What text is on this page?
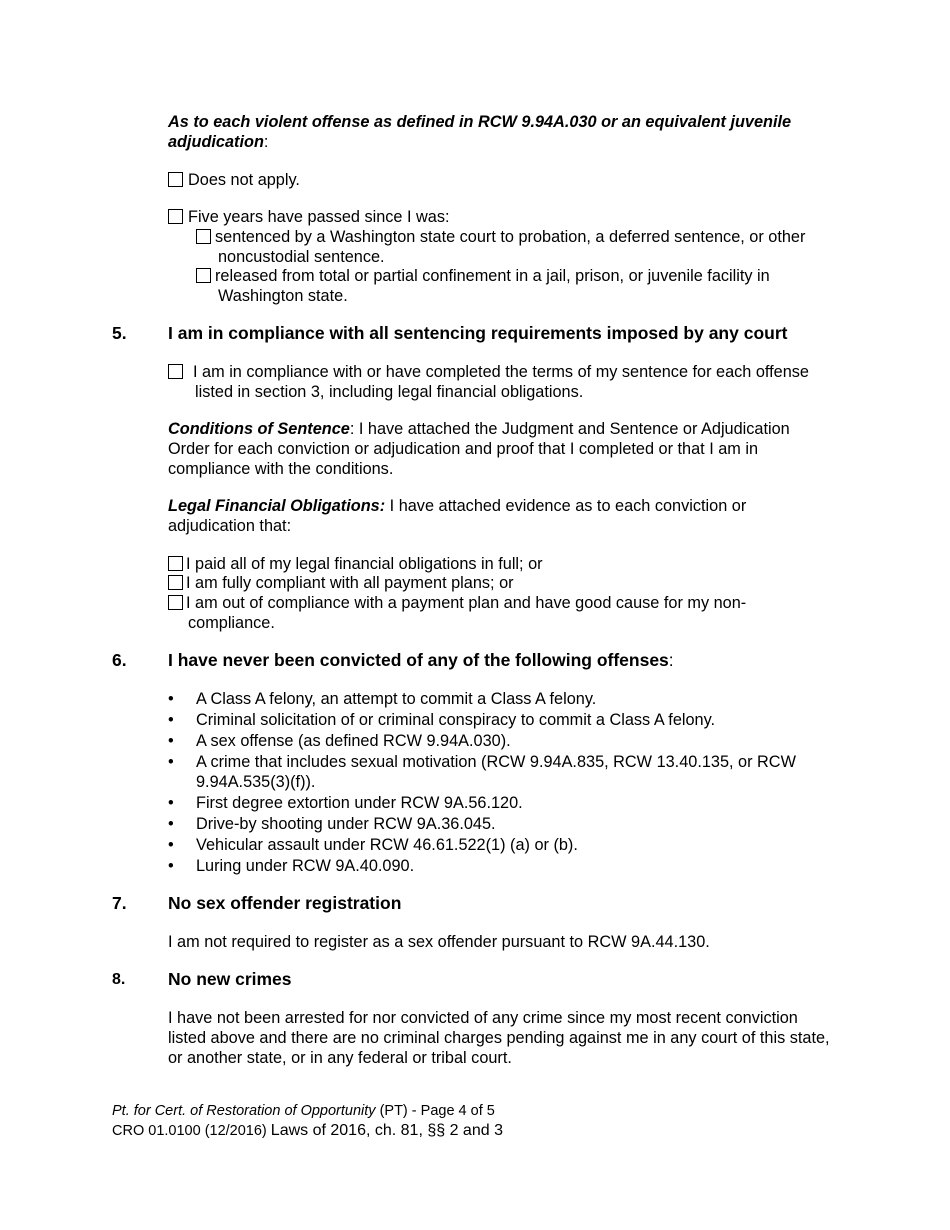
As to each violent offense as defined in RCW 9.94A.030 or an equivalent juvenile adjudication:
Does not apply.
Five years have passed since I was:
sentenced by a Washington state court to probation, a deferred sentence, or other noncustodial sentence.
released from total or partial confinement in a jail, prison, or juvenile facility in Washington state.
5. I am in compliance with all sentencing requirements imposed by any court
I am in compliance with or have completed the terms of my sentence for each offense listed in section 3, including legal financial obligations.
Conditions of Sentence: I have attached the Judgment and Sentence or Adjudication Order for each conviction or adjudication and proof that I completed or that I am in compliance with the conditions.
Legal Financial Obligations: I have attached evidence as to each conviction or adjudication that:
I paid all of my legal financial obligations in full; or
I am fully compliant with all payment plans; or
I am out of compliance with a payment plan and have good cause for my non-compliance.
6. I have never been convicted of any of the following offenses:
• A Class A felony, an attempt to commit a Class A felony.
• Criminal solicitation of or criminal conspiracy to commit a Class A felony.
• A sex offense (as defined RCW 9.94A.030).
• A crime that includes sexual motivation (RCW 9.94A.835, RCW 13.40.135, or RCW 9.94A.535(3)(f)).
• First degree extortion under RCW 9A.56.120.
• Drive-by shooting under RCW 9A.36.045.
• Vehicular assault under RCW 46.61.522(1) (a) or (b).
• Luring under RCW 9A.40.090.
7. No sex offender registration
I am not required to register as a sex offender pursuant to RCW 9A.44.130.
8. No new crimes
I have not been arrested for nor convicted of any crime since my most recent conviction listed above and there are no criminal charges pending against me in any court of this state, or another state, or in any federal or tribal court.
Pt. for Cert. of Restoration of Opportunity (PT) - Page 4 of 5
CRO 01.0100 (12/2016) Laws of 2016, ch. 81, §§ 2 and 3
